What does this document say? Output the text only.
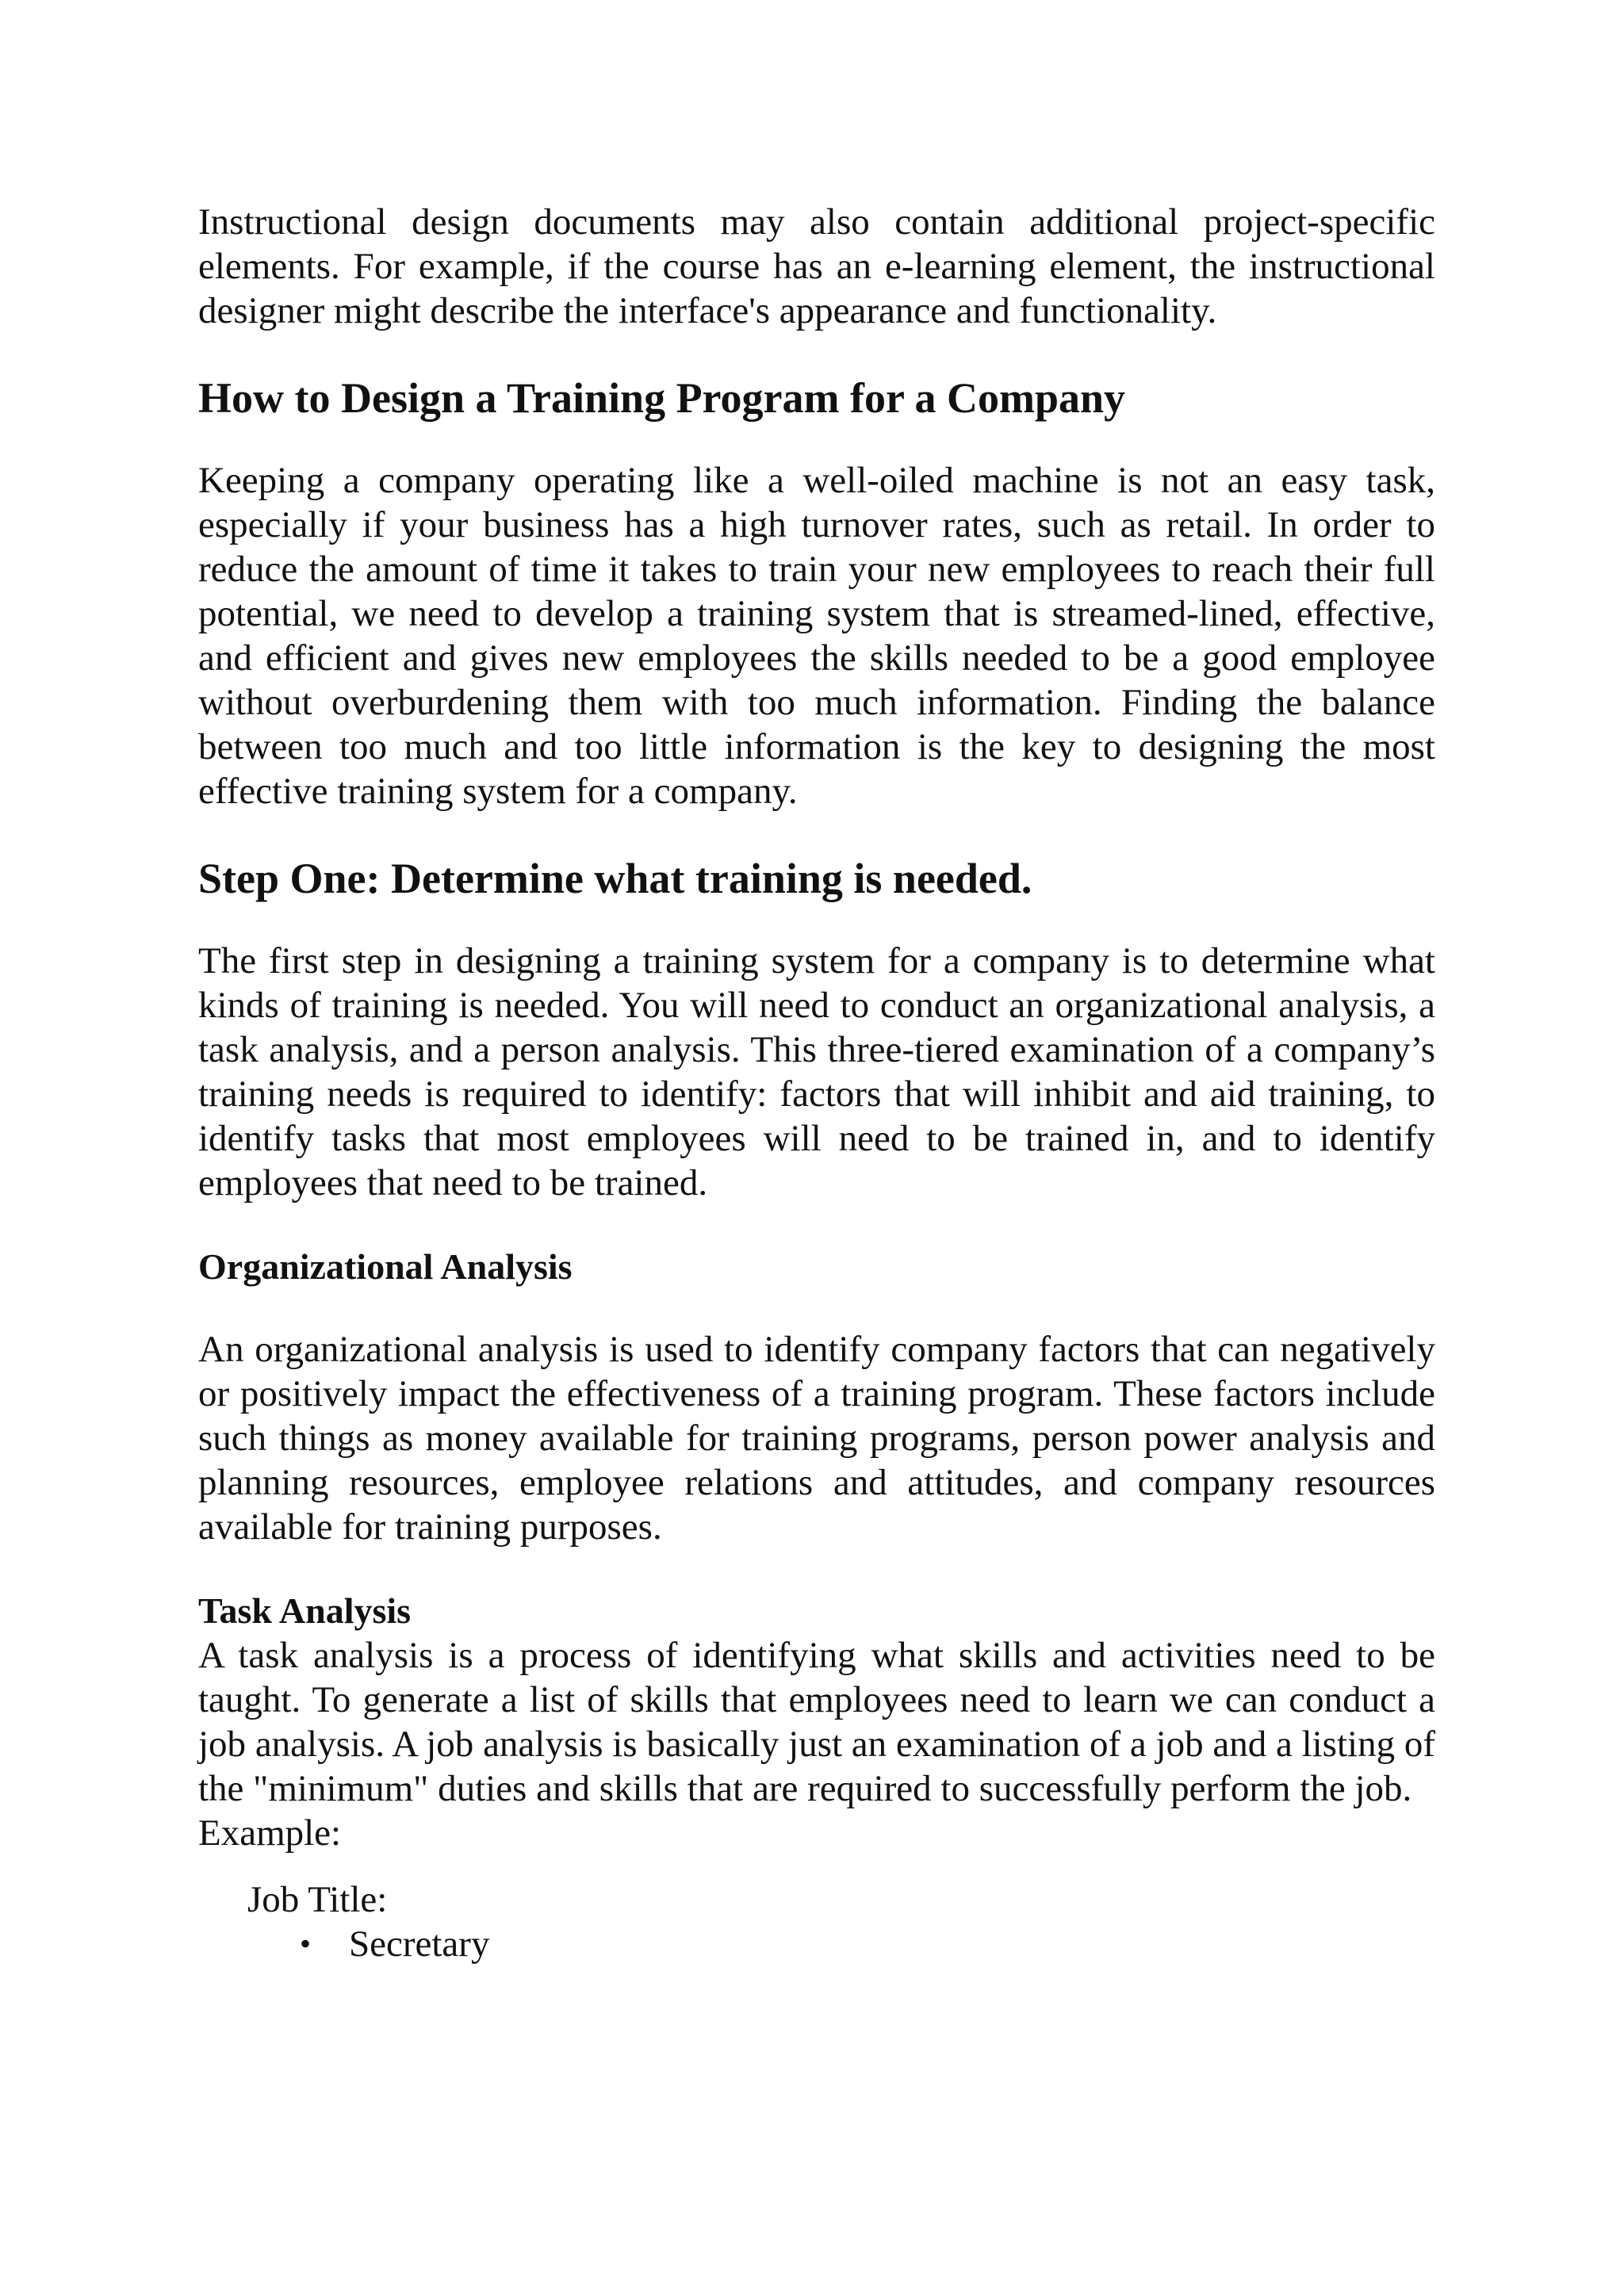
Instructional design documents may also contain additional project-specific elements. For example, if the course has an e-learning element, the instructional designer might describe the interface's appearance and functionality.

How to Design a Training Program for a Company

Keeping a company operating like a well-oiled machine is not an easy task, especially if your business has a high turnover rates, such as retail. In order to reduce the amount of time it takes to train your new employees to reach their full potential, we need to develop a training system that is streamed-lined, effective, and efficient and gives new employees the skills needed to be a good employee without overburdening them with too much information. Finding the balance between too much and too little information is the key to designing the most effective training system for a company.

Step One: Determine what training is needed.

The first step in designing a training system for a company is to determine what kinds of training is needed. You will need to conduct an organizational analysis, a task analysis, and a person analysis. This three-tiered examination of a company’s training needs is required to identify: factors that will inhibit and aid training, to identify tasks that most employees will need to be trained in, and to identify employees that need to be trained.

Organizational Analysis

An organizational analysis is used to identify company factors that can negatively or positively impact the effectiveness of a training program. These factors include such things as money available for training programs, person power analysis and planning resources, employee relations and attitudes, and company resources available for training purposes.

Task Analysis

A task analysis is a process of identifying what skills and activities need to be taught. To generate a list of skills that employees need to learn we can conduct a job analysis. A job analysis is basically just an examination of a job and a listing of the "minimum" duties and skills that are required to successfully perform the job.

Example:

Job Title:

•	Secretary
